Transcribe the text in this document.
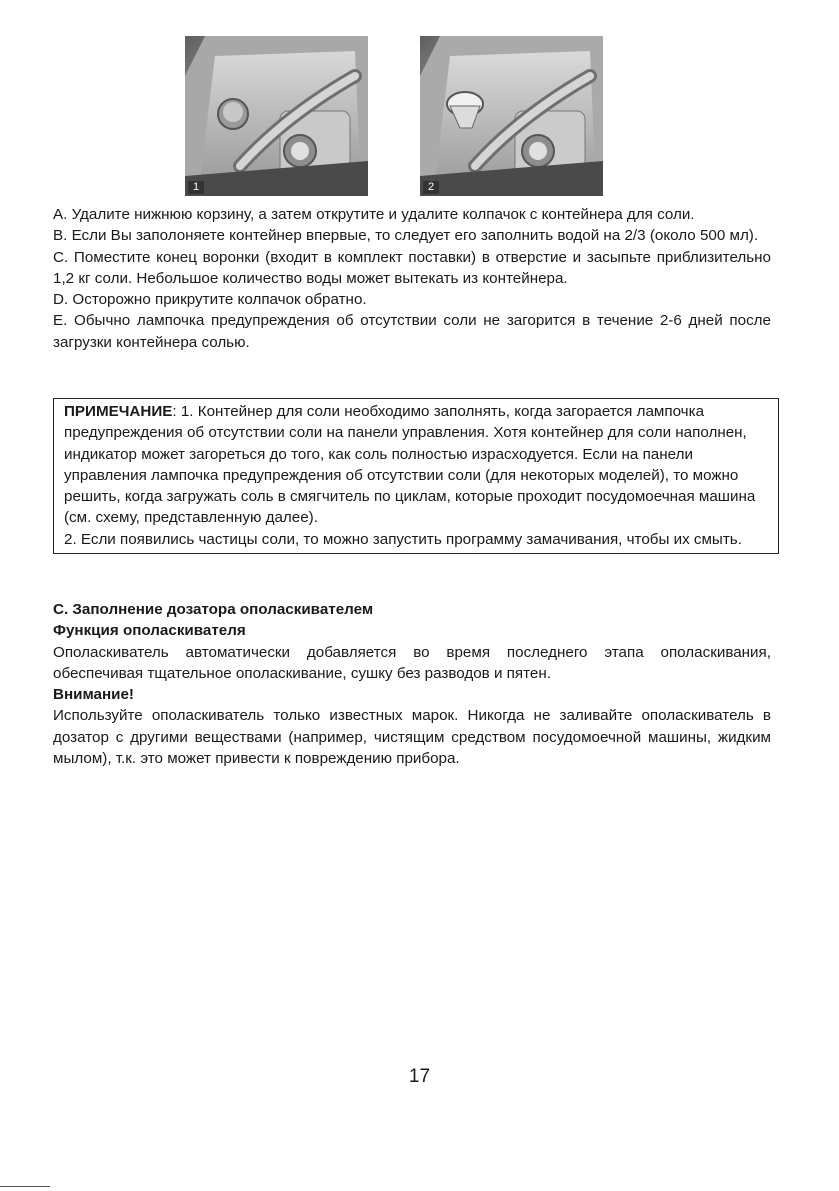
1	2

А. Удалите нижнюю корзину, а затем открутите и удалите колпачок с контейнера для соли.

В. Если Вы заполоняете контейнер впервые, то следует его заполнить водой на 2/3 (около 500 мл).

С. Поместите конец воронки (входит в комплект поставки) в отверстие и засыпьте приблизительно 1,2 кг соли. Небольшое количество воды может вытекать из контейнера.

D. Осторожно прикрутите колпачок обратно.

E. Обычно лампочка предупреждения об отсутствии соли не загорится в течение 2-6 дней после загрузки контейнера солью.

ПРИМЕЧАНИЕ: 1. Контейнер для соли необходимо заполнять, когда загорается лампочка предупреждения об отсутствии соли на панели управления. Хотя контейнер для соли наполнен, индикатор может загореться до того, как соль полностью израсходуется. Если на панели управления лампочка предупреждения об отсутствии соли (для некоторых моделей), то можно решить, когда загружать соль в смягчитель по циклам, которые проходит посудомоечная машина (см. схему, представленную далее).

2. Если появились частицы соли, то можно запустить программу замачивания, чтобы их смыть.

С. Заполнение дозатора ополаскивателем

Функция ополаскивателя

Ополаскиватель автоматически добавляется во время последнего этапа ополаскивания, обеспечивая тщательное ополаскивание, сушку без разводов и пятен.

Внимание!

Используйте ополаскиватель только известных марок. Никогда не заливайте ополаскиватель в дозатор с другими веществами (например, чистящим средством посудомоечной машины, жидким мылом), т.к. это может привести к повреждению прибора.

17
